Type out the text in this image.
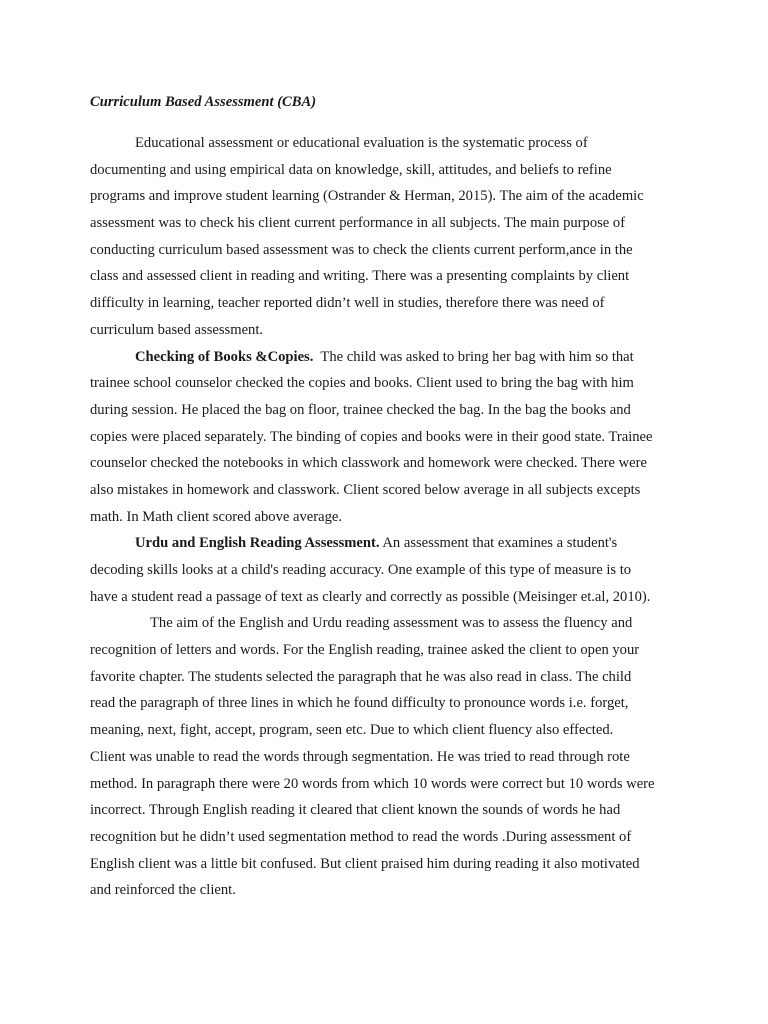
Curriculum Based Assessment (CBA)
Educational assessment or educational evaluation is the systematic process of
documenting and using empirical data on knowledge, skill, attitudes, and beliefs to refine
programs and improve student learning (Ostrander & Herman, 2015). The aim of the academic
assessment was to check his client current performance in all subjects. The main purpose of
conducting curriculum based assessment was to check the clients current perform,ance in the
class and assessed client in reading and writing. There was a presenting complaints by client
difficulty in learning, teacher reported didn’t well in studies, therefore there was need of
curriculum based assessment.
Checking of Books &Copies.  The child was asked to bring her bag with him so that
trainee school counselor checked the copies and books. Client used to bring the bag with him
during session. He placed the bag on floor, trainee checked the bag. In the bag the books and
copies were placed separately. The binding of copies and books were in their good state. Trainee
counselor checked the notebooks in which classwork and homework were checked. There were
also mistakes in homework and classwork. Client scored below average in all subjects excepts
math. In Math client scored above average.
Urdu and English Reading Assessment. An assessment that examines a student's
decoding skills looks at a child's reading accuracy. One example of this type of measure is to
have a student read a passage of text as clearly and correctly as possible (Meisinger et.al, 2010).
The aim of the English and Urdu reading assessment was to assess the fluency and
recognition of letters and words. For the English reading, trainee asked the client to open your
favorite chapter. The students selected the paragraph that he was also read in class. The child
read the paragraph of three lines in which he found difficulty to pronounce words i.e. forget,
meaning, next, fight, accept, program, seen etc. Due to which client fluency also effected.
Client was unable to read the words through segmentation. He was tried to read through rote
method. In paragraph there were 20 words from which 10 words were correct but 10 words were
incorrect. Through English reading it cleared that client known the sounds of words he had
recognition but he didn’t used segmentation method to read the words .During assessment of
English client was a little bit confused. But client praised him during reading it also motivated
and reinforced the client.
